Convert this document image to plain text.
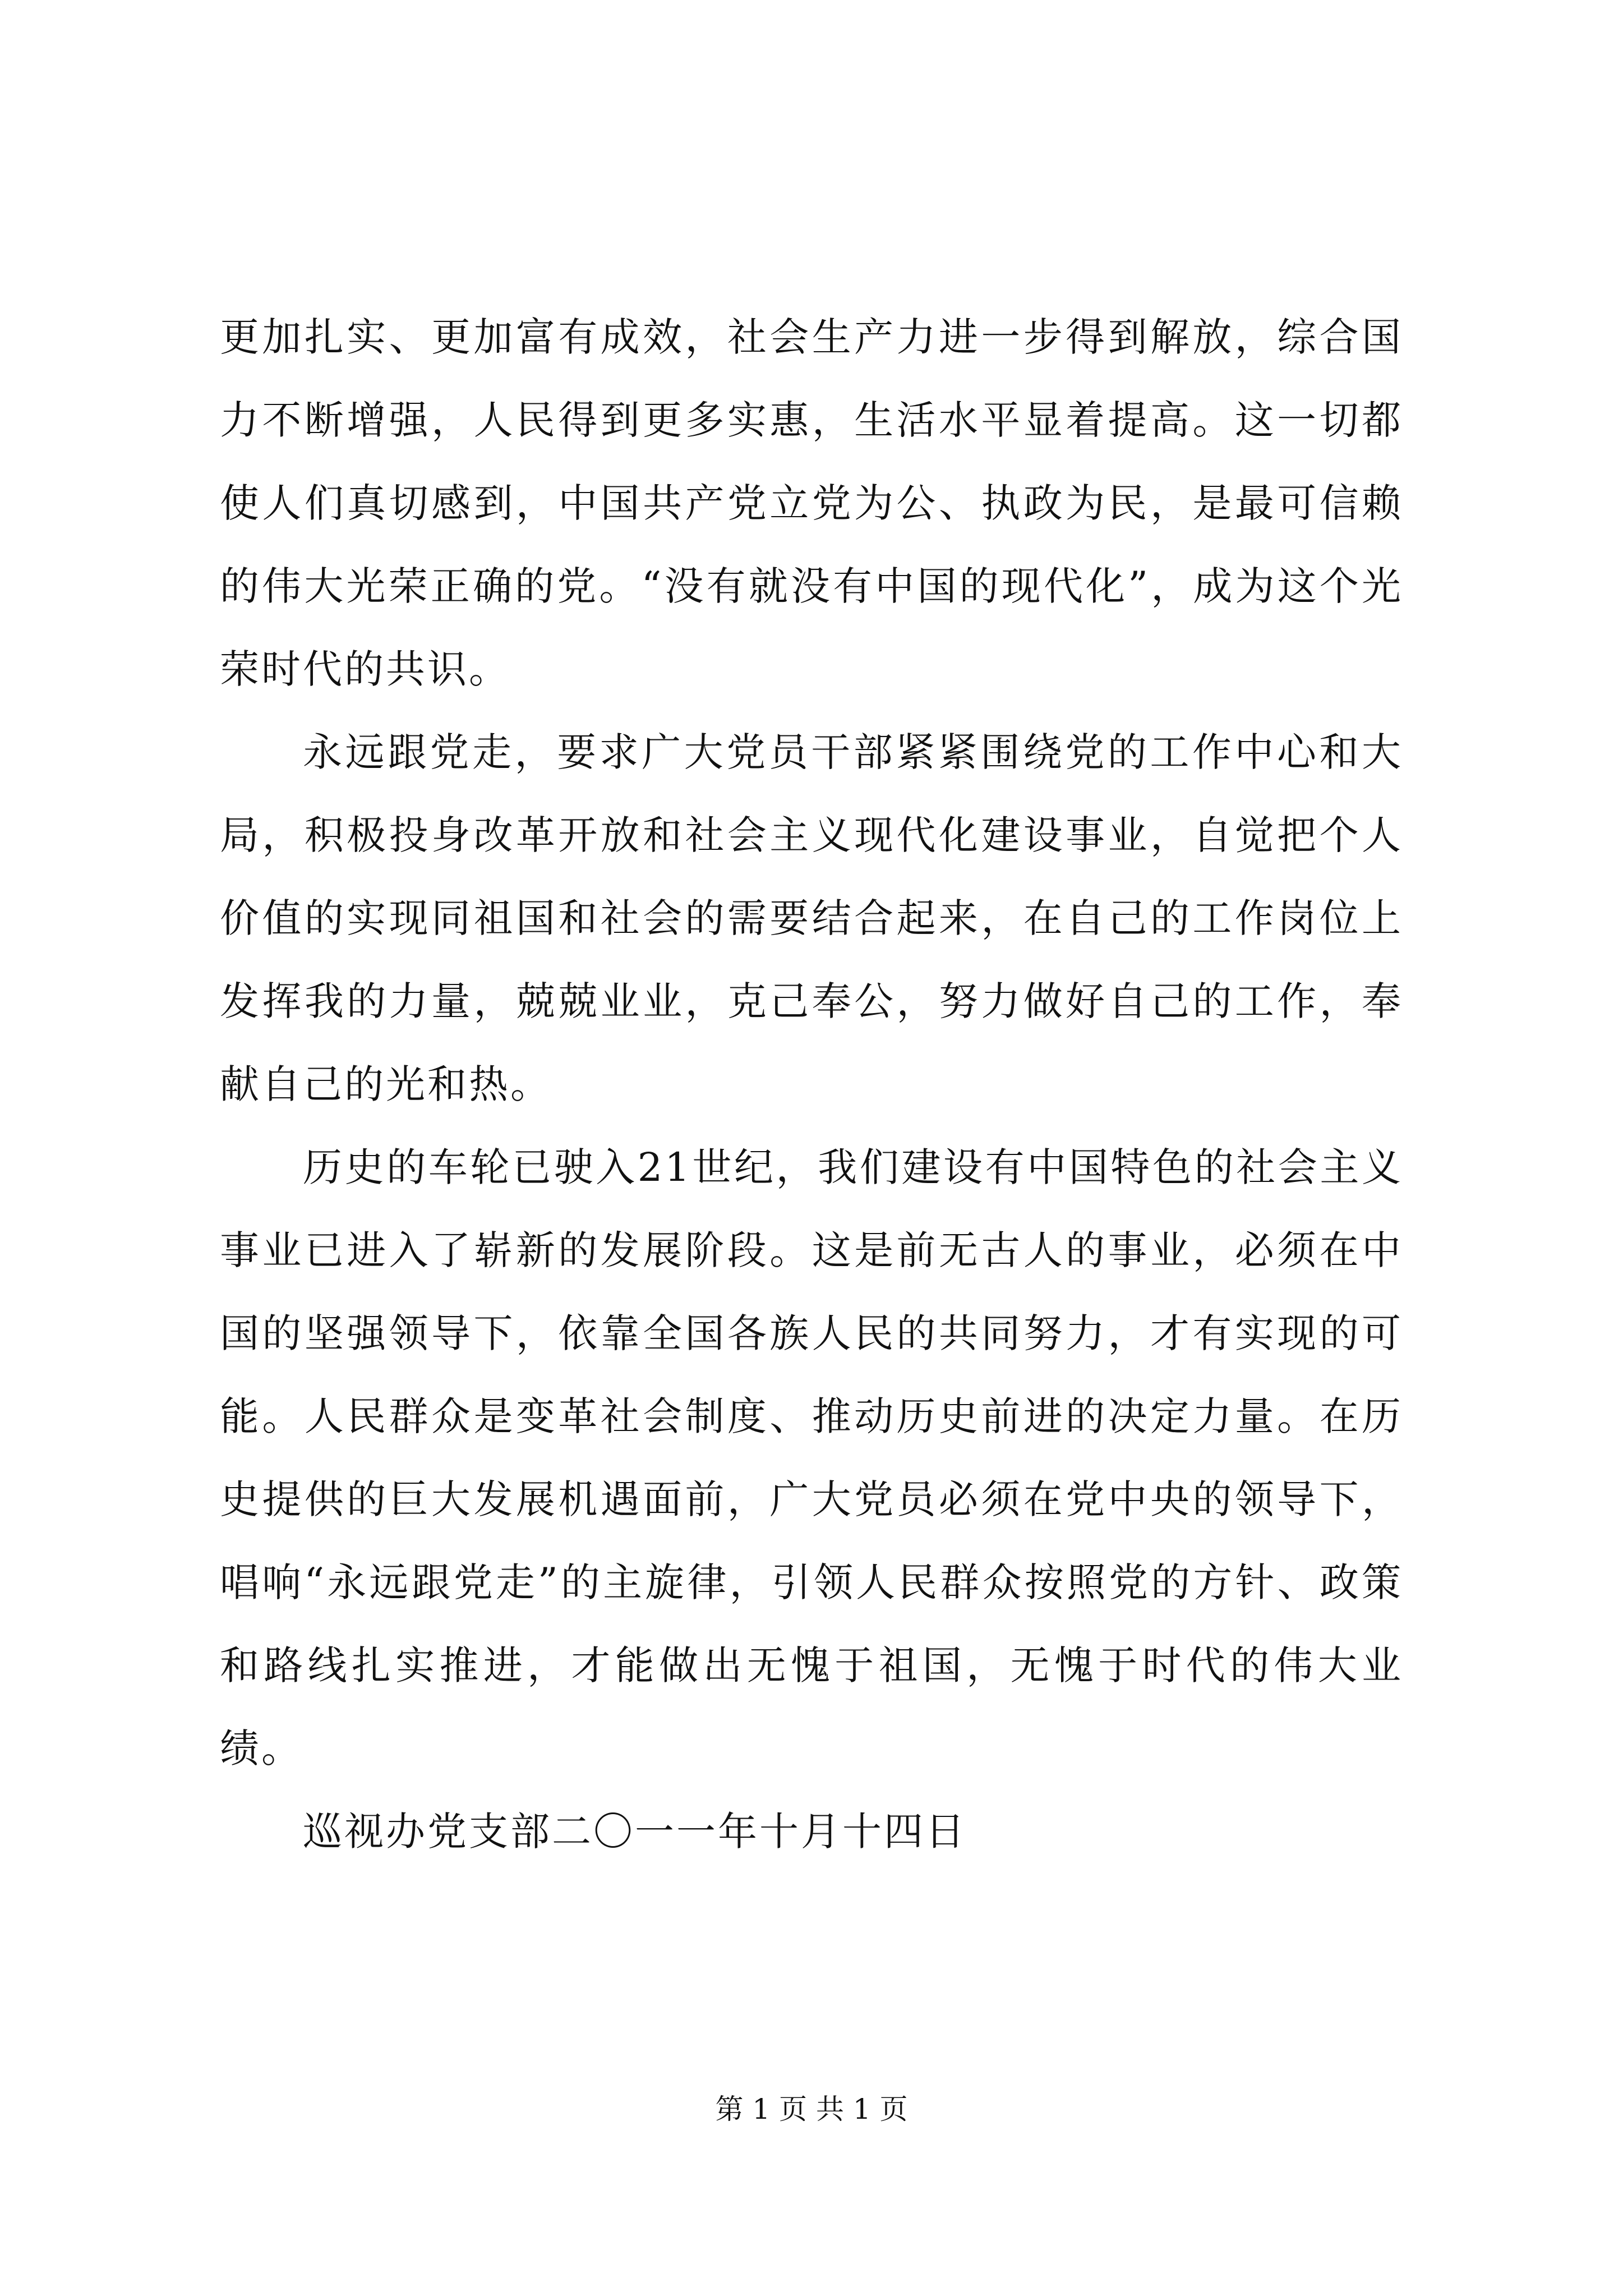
更加扎实、更加富有成效，社会生产力进一步得到解放，综合国力不断增强，人民得到更多实惠，生活水平显着提高。这一切都使人们真切感到，中国共产党立党为公、执政为民，是最可信赖的伟大光荣正确的党。“没有就没有中国的现代化”，成为这个光荣时代的共识。

永远跟党走，要求广大党员干部紧紧围绕党的工作中心和大局，积极投身改革开放和社会主义现代化建设事业，自觉把个人价值的实现同祖国和社会的需要结合起来，在自己的工作岗位上发挥我的力量，兢兢业业，克己奉公，努力做好自己的工作，奉献自己的光和热。

历史的车轮已驶入21世纪，我们建设有中国特色的社会主义事业已进入了崭新的发展阶段。这是前无古人的事业，必须在中国的坚强领导下，依靠全国各族人民的共同努力，才有实现的可能。人民群众是变革社会制度、推动历史前进的决定力量。在历史提供的巨大发展机遇面前，广大党员必须在党中央的领导下，唱响“永远跟党走”的主旋律，引领人民群众按照党的方针、政策和路线扎实推进，才能做出无愧于祖国，无愧于时代的伟大业绩。

巡视办党支部二〇一一年十月十四日

第 1 页 共 1 页
